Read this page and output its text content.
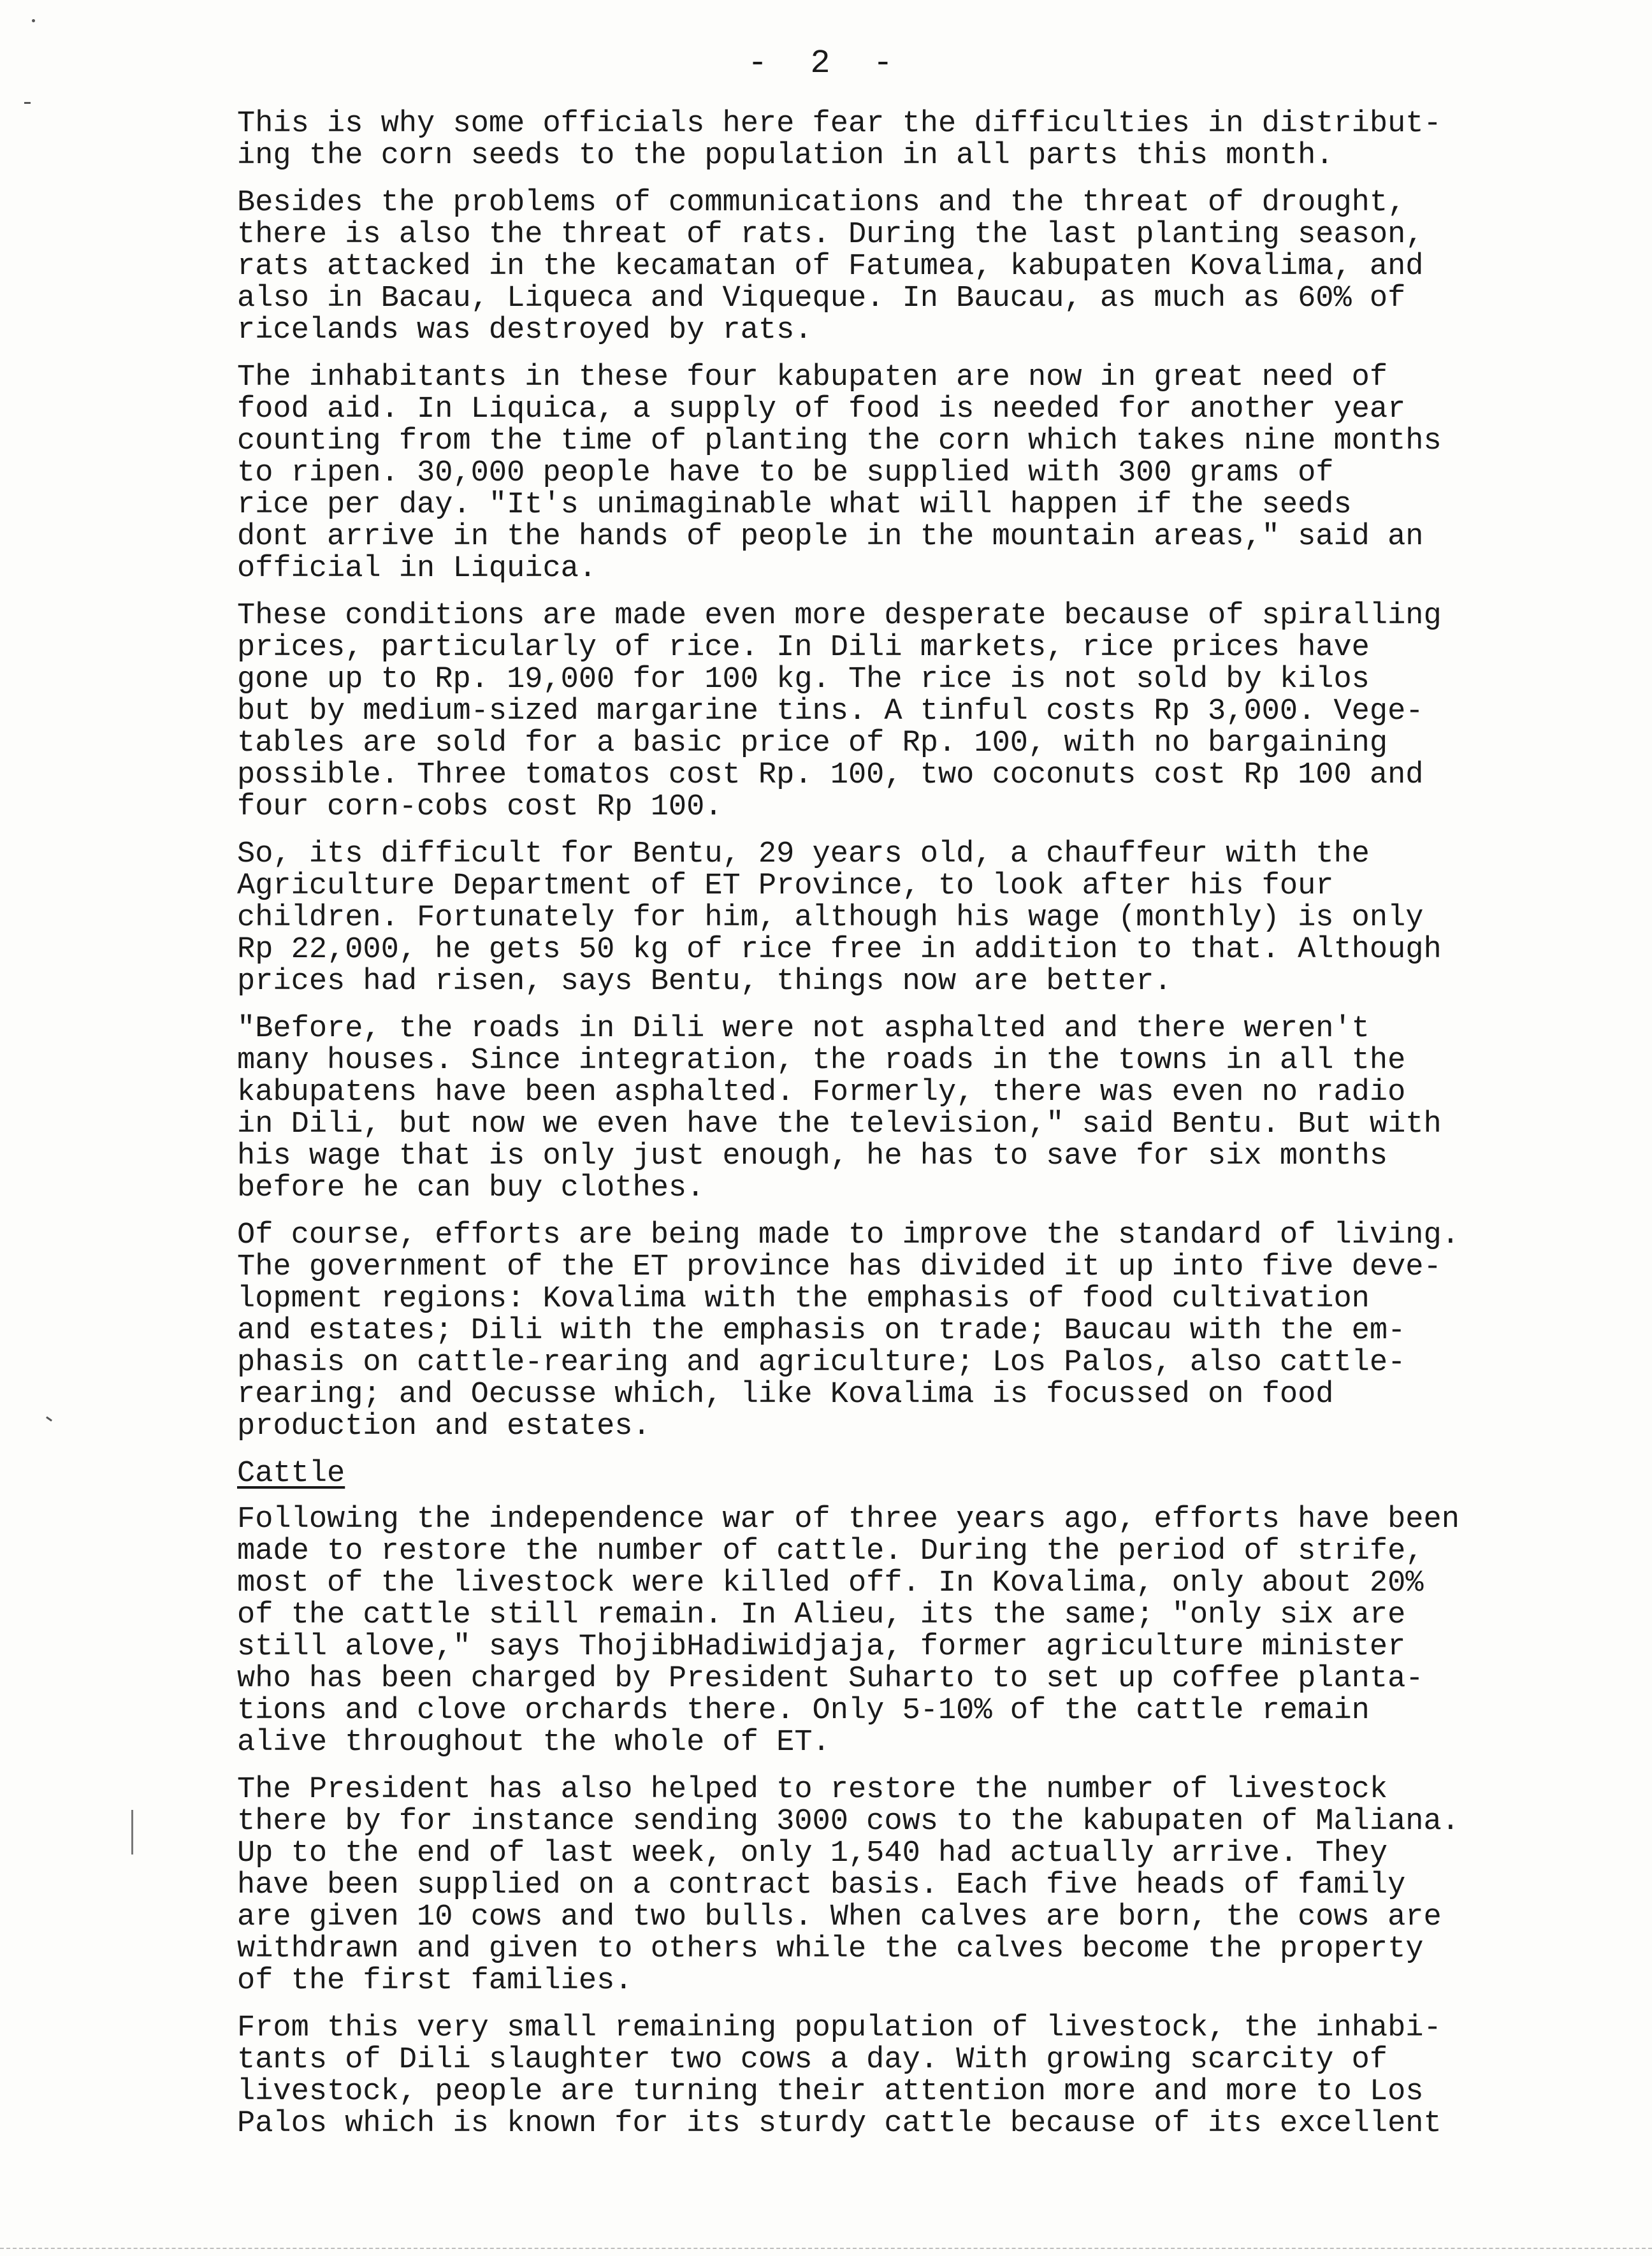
- 2 -

This is why some officials here fear the difficulties in distribut-
ing the corn seeds to the population in all parts this month.

Besides the problems of communications and the threat of drought,
there is also the threat of rats. During the last planting season,
rats attacked in the kecamatan of Fatumea, kabupaten Kovalima, and
also in Bacau, Liqueca and Viqueque. In Baucau, as much as 60% of
ricelands was destroyed by rats.

The inhabitants in these four kabupaten are now in great need of
food aid. In Liquica, a supply of food is needed for another year
counting from the time of planting the corn which takes nine months
to ripen. 30,000 people have to be supplied with 300 grams of
rice per day. "It's unimaginable what will happen if the seeds
dont arrive in the hands of people in the mountain areas," said an
official in Liquica.

These conditions are made even more desperate because of spiralling
prices, particularly of rice. In Dili markets, rice prices have
gone up to Rp. 19,000 for 100 kg. The rice is not sold by kilos
but by medium-sized margarine tins. A tinful costs Rp 3,000. Vege-
tables are sold for a basic price of Rp. 100, with no bargaining
possible. Three tomatos cost Rp. 100, two coconuts cost Rp 100 and
four corn-cobs cost Rp 100.

So, its difficult for Bentu, 29 years old, a chauffeur with the
Agriculture Department of ET Province, to look after his four
children. Fortunately for him, although his wage (monthly) is only
Rp 22,000, he gets 50 kg of rice free in addition to that. Although
prices had risen, says Bentu, things now are better.

"Before, the roads in Dili were not asphalted and there weren't
many houses. Since integration, the roads in the towns in all the
kabupatens have been asphalted. Formerly, there was even no radio
in Dili, but now we even have the television," said Bentu. But with
his wage that is only just enough, he has to save for six months
before he can buy clothes.

Of course, efforts are being made to improve the standard of living.
The government of the ET province has divided it up into five deve-
lopment regions: Kovalima with the emphasis of food cultivation
and estates; Dili with the emphasis on trade; Baucau with the em-
phasis on cattle-rearing and agriculture; Los Palos, also cattle-
rearing; and Oecusse which, like Kovalima is focussed on food
production and estates.

Cattle

Following the independence war of three years ago, efforts have been
made to restore the number of cattle. During the period of strife,
most of the livestock were killed off. In Kovalima, only about 20%
of the cattle still remain. In Alieu, its the same; "only six are
still alove," says ThojibHadiwidjaja, former agriculture minister
who has been charged by President Suharto to set up coffee planta-
tions and clove orchards there. Only 5-10% of the cattle remain
alive throughout the whole of ET.

The President has also helped to restore the number of livestock
there by for instance sending 3000 cows to the kabupaten of Maliana.
Up to the end of last week, only 1,540 had actually arrive. They
have been supplied on a contract basis. Each five heads of family
are given 10 cows and two bulls. When calves are born, the cows are
withdrawn and given to others while the calves become the property
of the first families.

From this very small remaining population of livestock, the inhabi-
tants of Dili slaughter two cows a day. With growing scarcity of
livestock, people are turning their attention more and more to Los
Palos which is known for its sturdy cattle because of its excellent
